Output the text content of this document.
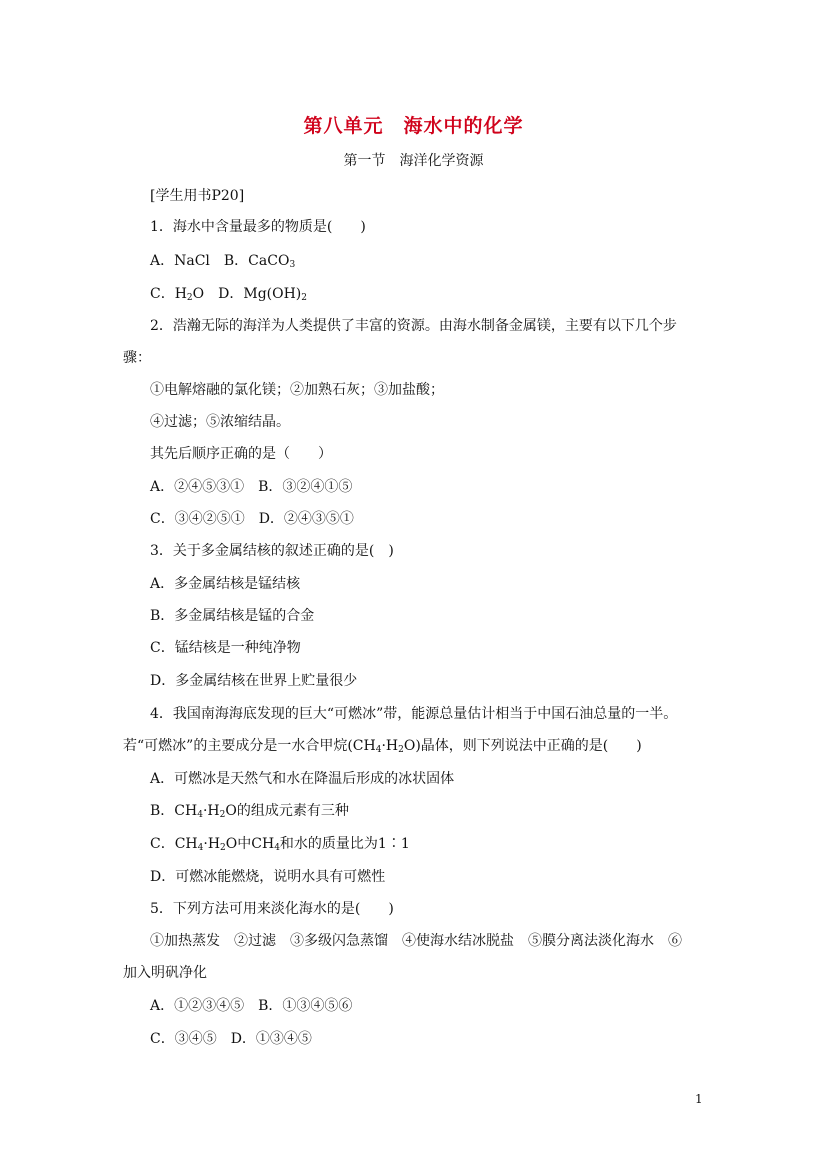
第八单元　海水中的化学
第一节　海洋化学资源
[学生用书P20]
1．海水中含量最多的物质是(　　)
A．NaCl　B．CaCO$_3$
C．$H_2O$　D．$Mg(OH)_2$
2．浩瀚无际的海洋为人类提供了丰富的资源。由海水制备金属镁，主要有以下几个步
骤：
①电解熔融的氯化镁；②加熟石灰；③加盐酸；
④过滤；⑤浓缩结晶。
其先后顺序正确的是（　　）
A．②④⑤③①　B．③②④①⑤
C．③④②⑤①　D．②④③⑤①
3．关于多金属结核的叙述正确的是(　)
A．多金属结核是锰结核
B．多金属结核是锰的合金
C．锰结核是一种纯净物
D．多金属结核在世界上贮量很少
4．我国南海海底发现的巨大“可燃冰”带，能源总量估计相当于中国石油总量的一半。
若“可燃冰”的主要成分是一水合甲烷$(CH_4\cdot H_2O)$晶体，则下列说法中正确的是(　　)
A．可燃冰是天然气和水在降温后形成的冰状固体
B．$CH_4\cdot H_2O$的组成元素有三种
C．$CH_4\cdot H_2O$中$CH_4$和水的质量比为1∶1
D．可燃冰能燃烧，说明水具有可燃性
5．下列方法可用来淡化海水的是(　　)
①加热蒸发　②过滤　③多级闪急蒸馏　④使海水结冰脱盐　⑤膜分离法淡化海水　⑥
加入明矾净化
A．①②③④⑤　B．①③④⑤⑥
C．③④⑤　D．①③④⑤
1
